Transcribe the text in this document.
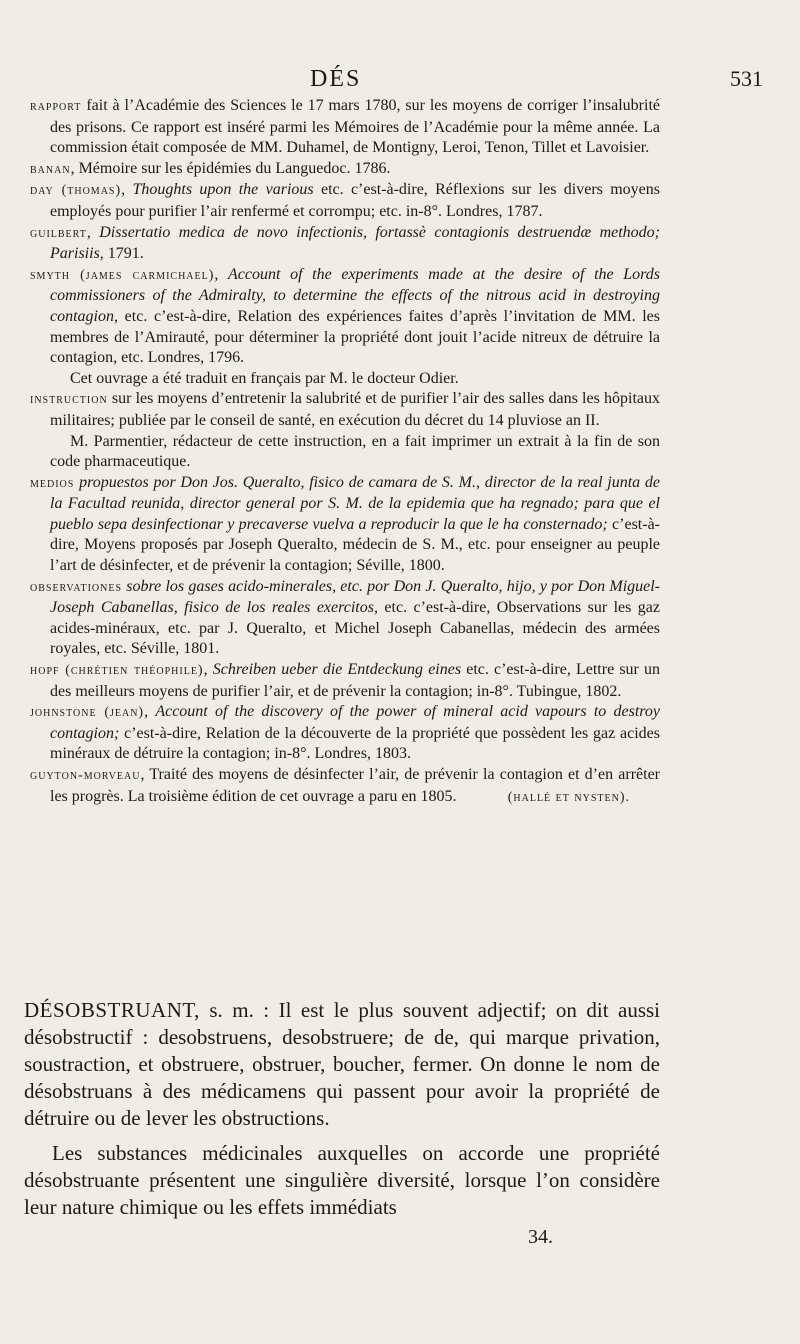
DÉS	531

rapport fait à l’Académie des Sciences le 17 mars 1780, sur les moyens de corriger l’insalubrité des prisons. Ce rapport est inséré parmi les Mémoires de l’Académie pour la même année. La commission était composée de MM. Duhamel, de Montigny, Leroi, Tenon, Tillet et Lavoisier.

banan, Mémoire sur les épidémies du Languedoc. 1786.

day (thomas), Thoughts upon the various etc. c’est-à-dire, Réflexions sur les divers moyens employés pour purifier l’air renfermé et corrompu; etc. in-8°. Londres, 1787.

guilbert, Dissertatio medica de novo infectionis, fortassè contagionis destruendæ methodo; Parisiis, 1791.

smyth (james carmichael), Account of the experiments made at the desire of the Lords commissioners of the Admiralty, to determine the effects of the nitrous acid in destroying contagion, etc. c’est-à-dire, Relation des expériences faites d’après l’invitation de MM. les membres de l’Amirauté, pour déterminer la propriété dont jouit l’acide nitreux de détruire la contagion, etc. Londres, 1796.
Cet ouvrage a été traduit en français par M. le docteur Odier.

instruction sur les moyens d’entretenir la salubrité et de purifier l’air des salles dans les hôpitaux militaires; publiée par le conseil de santé, en exécution du décret du 14 pluviose an II.
M. Parmentier, rédacteur de cette instruction, en a fait imprimer un extrait à la fin de son code pharmaceutique.

medios propuestos por Don Jos. Queralto, fisico de camara de S. M., director de la real junta de la Facultad reunida, director general por S. M. de la epidemia que ha regnado; para que el pueblo sepa desinfectionar y precaverse vuelva a reproducir la que le ha consternado; c’est-à-dire, Moyens proposés par Joseph Queralto, médecin de S. M., etc. pour enseigner au peuple l’art de désinfecter, et de prévenir la contagion; Séville, 1800.

observationes sobre los gases acido-minerales, etc. por Don J. Queralto, hijo, y por Don Miguel-Joseph Cabanellas, fisico de los reales exercitos, etc. c’est-à-dire, Observations sur les gaz acides-minéraux, etc. par J. Queralto, et Michel Joseph Cabanellas, médecin des armées royales, etc. Séville, 1801.

hopf (chrétien théophile), Schreiben ueber die Entdeckung eines etc. c’est-à-dire, Lettre sur un des meilleurs moyens de purifier l’air, et de prévenir la contagion; in-8°. Tubingue, 1802.

johnstone (jean), Account of the discovery of the power of mineral acid vapours to destroy contagion; c’est-à-dire, Relation de la découverte de la propriété que possèdent les gaz acides minéraux de détruire la contagion; in-8°. Londres, 1803.

guyton-morveau, Traité des moyens de désinfecter l’air, de prévenir la contagion et d’en arrêter les progrès. La troisième édition de cet ouvrage a paru en 1805.	(hallé et nysten).

DÉSOBSTRUANT, s. m. : Il est le plus souvent adjectif; on dit aussi désobstructif : desobstruens, desobstruere; de de, qui marque privation, soustraction, et obstruere, obstruer, boucher, fermer. On donne le nom de désobstruans à des médicamens qui passent pour avoir la propriété de détruire ou de lever les obstructions.

Les substances médicinales auxquelles on accorde une propriété désobstruante présentent une singulière diversité, lorsque l’on considère leur nature chimique ou les effets immédiats

34.
